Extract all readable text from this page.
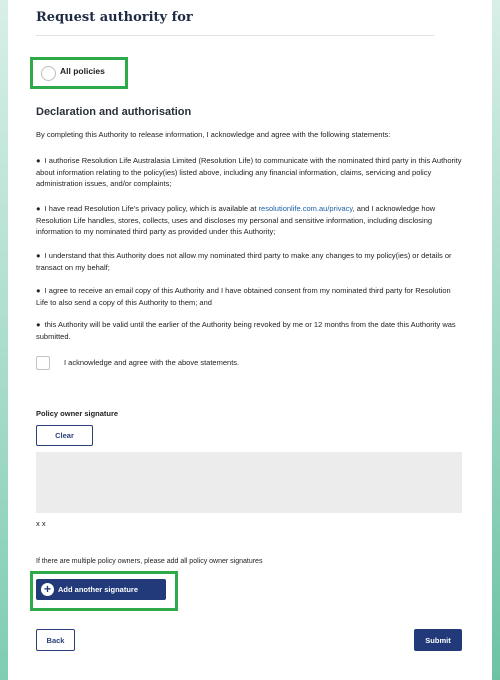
Request authority for
All policies
Declaration and authorisation
By completing this Authority to release information, I acknowledge and agree with the following statements:
● I authorise Resolution Life Australasia Limited (Resolution Life) to communicate with the nominated third party in this Authority about information relating to the policy(ies) listed above, including any financial information, claims, servicing and policy administration issues, and/or complaints;
● I have read Resolution Life's privacy policy, which is available at resolutionlife.com.au/privacy, and I acknowledge how Resolution Life handles, stores, collects, uses and discloses my personal and sensitive information, including disclosing information to my nominated third party as provided under this Authority;
● I understand that this Authority does not allow my nominated third party to make any changes to my policy(ies) or details or transact on my behalf;
● I agree to receive an email copy of this Authority and I have obtained consent from my nominated third party for Resolution Life to also send a copy of this Authority to them; and
● this Authority will be valid until the earlier of the Authority being revoked by me or 12 months from the date this Authority was submitted.
I acknowledge and agree with the above statements.
Policy owner signature
Clear
x x
If there are multiple policy owners, please add all policy owner signatures
Add another signature
+
Back	Submit
